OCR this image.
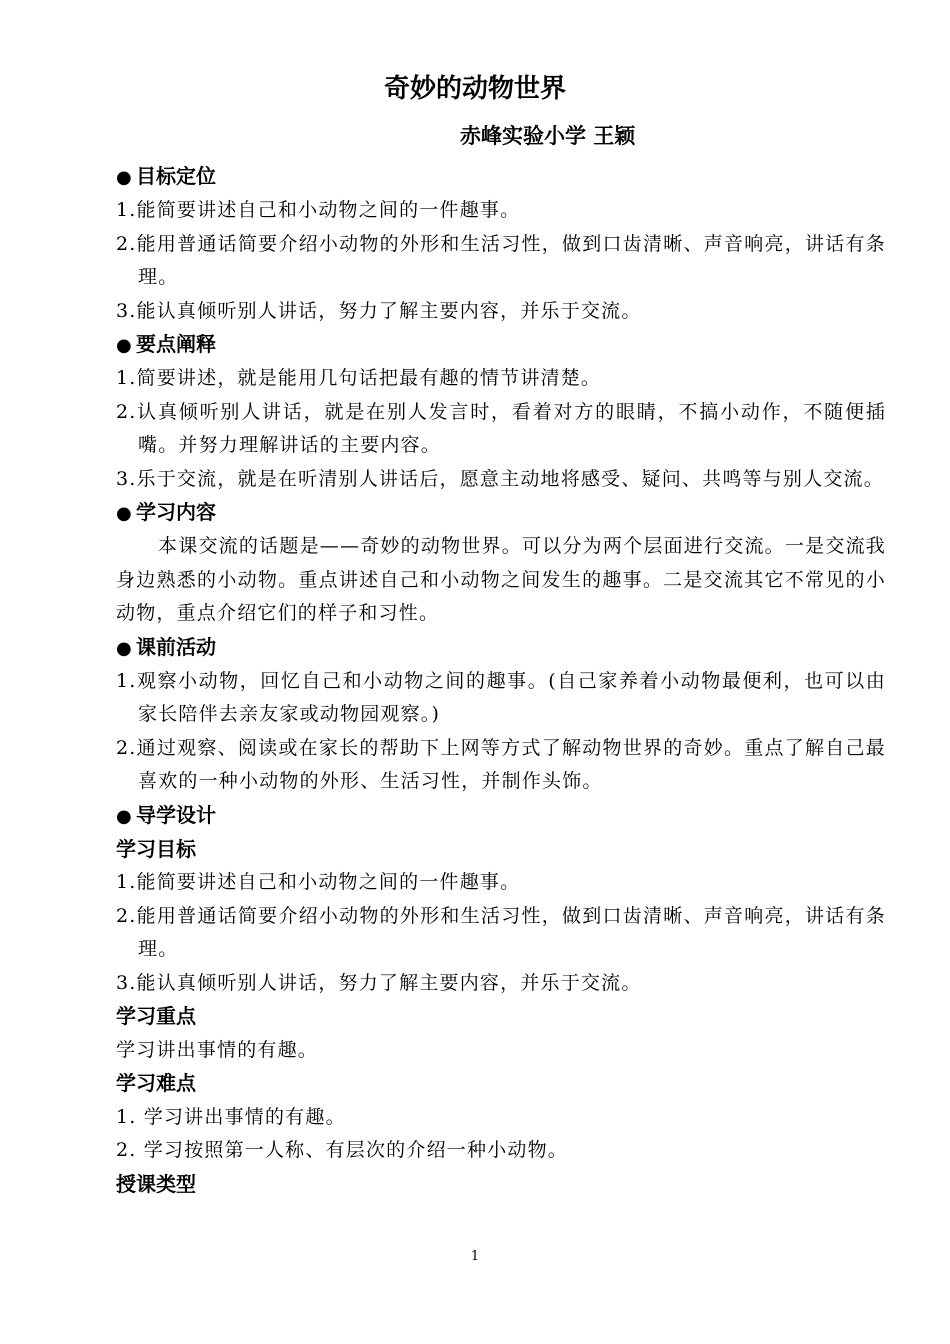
奇妙的动物世界
赤峰实验小学 王颖

● 目标定位

1.能简要讲述自己和小动物之间的一件趣事。

2.能用普通话简要介绍小动物的外形和生活习性，做到口齿清晰、声音响亮，讲话有条理。

3.能认真倾听别人讲话，努力了解主要内容，并乐于交流。

● 要点阐释

1.简要讲述，就是能用几句话把最有趣的情节讲清楚。

2.认真倾听别人讲话，就是在别人发言时，看着对方的眼睛，不搞小动作，不随便插嘴。并努力理解讲话的主要内容。

3.乐于交流，就是在听清别人讲话后，愿意主动地将感受、疑问、共鸣等与别人交流。

● 学习内容

本课交流的话题是——奇妙的动物世界。可以分为两个层面进行交流。一是交流我身边熟悉的小动物。重点讲述自己和小动物之间发生的趣事。二是交流其它不常见的小动物，重点介绍它们的样子和习性。

● 课前活动

1.观察小动物，回忆自己和小动物之间的趣事。(自己家养着小动物最便利，也可以由家长陪伴去亲友家或动物园观察。)

2.通过观察、阅读或在家长的帮助下上网等方式了解动物世界的奇妙。重点了解自己最喜欢的一种小动物的外形、生活习性，并制作头饰。

● 导学设计

学习目标

1.能简要讲述自己和小动物之间的一件趣事。

2.能用普通话简要介绍小动物的外形和生活习性，做到口齿清晰、声音响亮，讲话有条理。

3.能认真倾听别人讲话，努力了解主要内容，并乐于交流。

学习重点

学习讲出事情的有趣。

学习难点

1. 学习讲出事情的有趣。

2. 学习按照第一人称、有层次的介绍一种小动物。

授课类型

1
